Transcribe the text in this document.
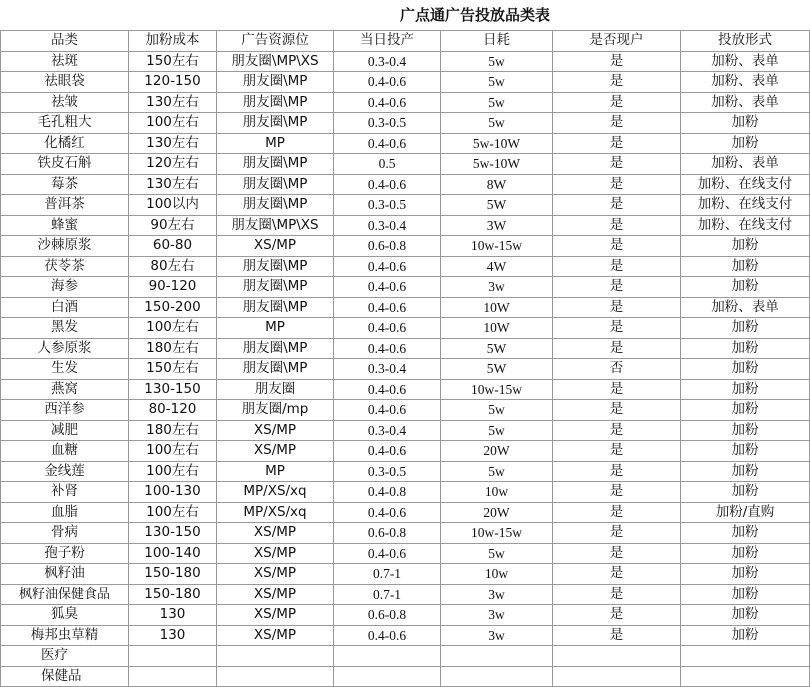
广点通广告投放品类表
品类	加粉成本	广告资源位	当日投产	日耗	是否现户	投放形式
祛斑	150左右	朋友圈\MP\XS	0.3-0.4	5w	是	加粉、表单
祛眼袋	120-150	朋友圈\MP	0.4-0.6	5w	是	加粉、表单
祛皱	130左右	朋友圈\MP	0.4-0.6	5w	是	加粉、表单
毛孔粗大	100左右	朋友圈\MP	0.3-0.5	5w	是	加粉
化橘红	130左右	MP	0.4-0.6	5w-10W	是	加粉
铁皮石斛	120左右	朋友圈\MP	0.5	5w-10W	是	加粉、表单
莓茶	130左右	朋友圈\MP	0.4-0.6	8W	是	加粉、在线支付
普洱茶	100以内	朋友圈\MP	0.3-0.5	5W	是	加粉、在线支付
蜂蜜	90左右	朋友圈\MP\XS	0.3-0.4	3W	是	加粉、在线支付
沙棘原浆	60-80	XS/MP	0.6-0.8	10w-15w	是	加粉
茯苓茶	80左右	朋友圈\MP	0.4-0.6	4W	是	加粉
海参	90-120	朋友圈\MP	0.4-0.6	3w	是	加粉
白酒	150-200	朋友圈\MP	0.4-0.6	10W	是	加粉、表单
黑发	100左右	MP	0.4-0.6	10W	是	加粉
人参原浆	180左右	朋友圈\MP	0.4-0.6	5W	是	加粉
生发	150左右	朋友圈\MP	0.3-0.4	5W	否	加粉
燕窝	130-150	朋友圈	0.4-0.6	10w-15w	是	加粉
西洋参	80-120	朋友圈/mp	0.4-0.6	5w	是	加粉
减肥	180左右	XS/MP	0.3-0.4	5w	是	加粉
血糖	100左右	XS/MP	0.4-0.6	20W	是	加粉
金线莲	100左右	MP	0.3-0.5	5w	是	加粉
补肾	100-130	MP/XS/xq	0.4-0.8	10w	是	加粉
血脂	100左右	MP/XS/xq	0.4-0.6	20W	是	加粉/直购
骨病	130-150	XS/MP	0.6-0.8	10w-15w	是	加粉
孢子粉	100-140	XS/MP	0.4-0.6	5w	是	加粉
枫籽油	150-180	XS/MP	0.7-1	10w	是	加粉
枫籽油保健食品	150-180	XS/MP	0.7-1	3w	是	加粉
狐臭	130	XS/MP	0.6-0.8	3w	是	加粉
梅邦虫草精	130	XS/MP	0.4-0.6	3w	是	加粉
医疗						
保健品						
